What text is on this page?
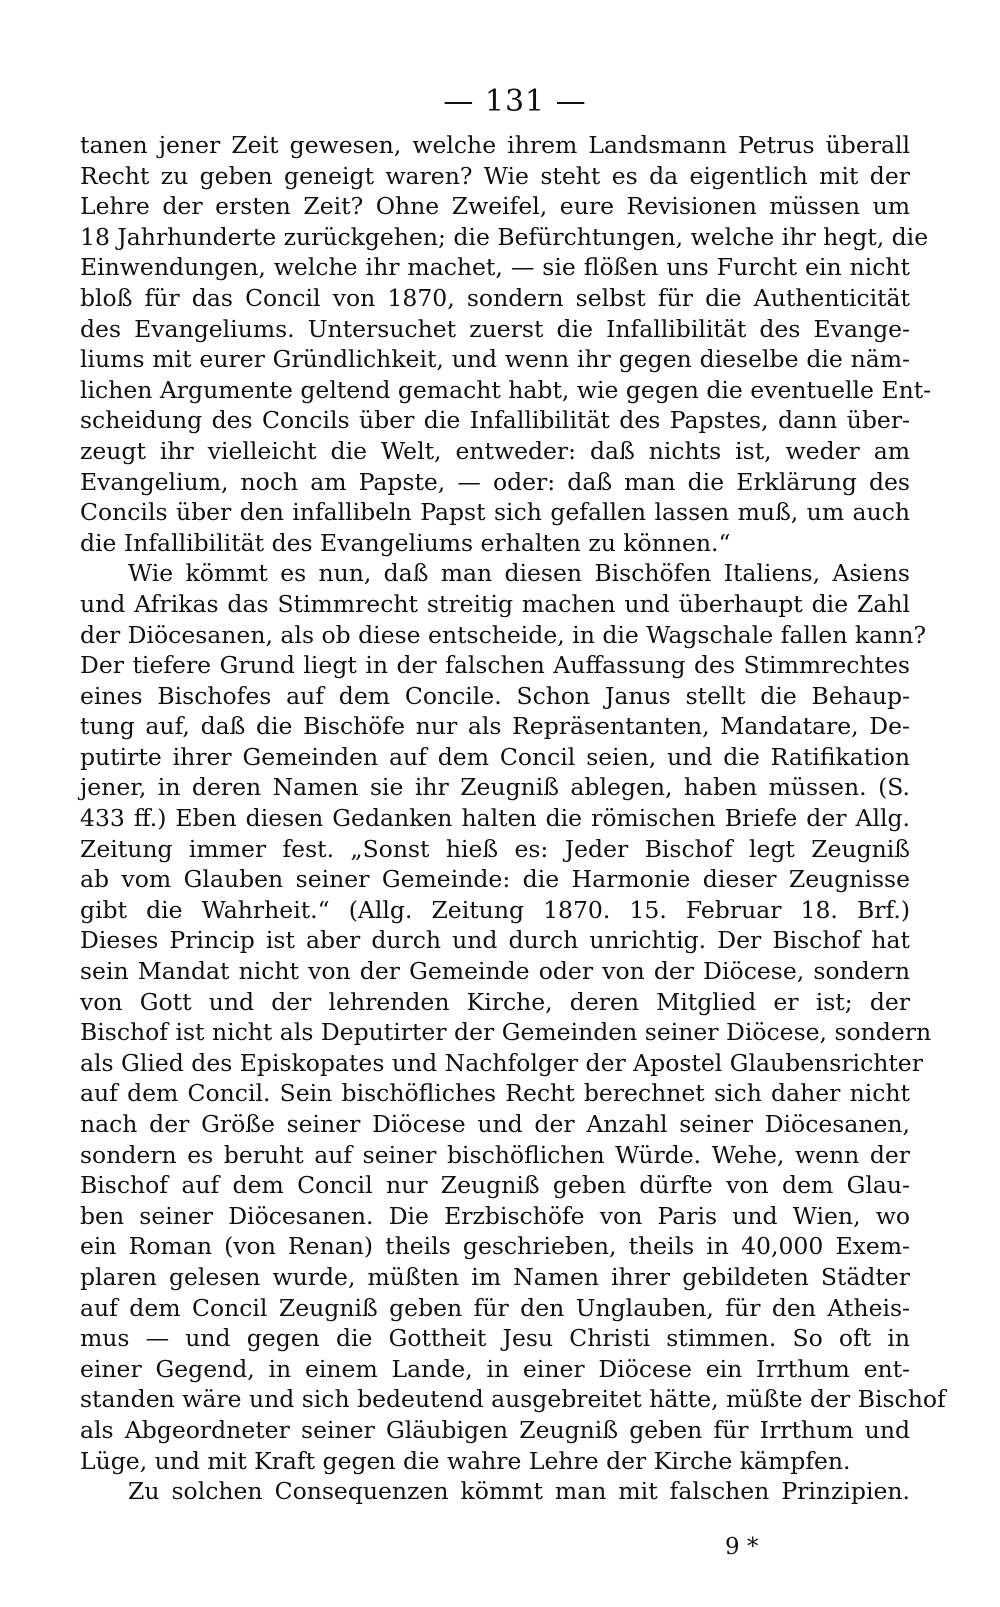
— 131 —
tanen jener Zeit gewesen, welche ihrem Landsmann Petrus überall
Recht zu geben geneigt waren? Wie steht es da eigentlich mit der
Lehre der ersten Zeit? Ohne Zweifel, eure Revisionen müssen um
18 Jahrhunderte zurückgehen; die Befürchtungen, welche ihr hegt, die
Einwendungen, welche ihr machet, — sie flößen uns Furcht ein nicht
bloß für das Concil von 1870, sondern selbst für die Authenticität
des Evangeliums. Untersuchet zuerst die Infallibilität des Evange-
liums mit eurer Gründlichkeit, und wenn ihr gegen dieselbe die näm-
lichen Argumente geltend gemacht habt, wie gegen die eventuelle Ent-
scheidung des Concils über die Infallibilität des Papstes, dann über-
zeugt ihr vielleicht die Welt, entweder: daß nichts ist, weder am
Evangelium, noch am Papste, — oder: daß man die Erklärung des
Concils über den infallibeln Papst sich gefallen lassen muß, um auch
die Infallibilität des Evangeliums erhalten zu können.“
Wie kömmt es nun, daß man diesen Bischöfen Italiens, Asiens
und Afrikas das Stimmrecht streitig machen und überhaupt die Zahl
der Diöcesanen, als ob diese entscheide, in die Wagschale fallen kann?
Der tiefere Grund liegt in der falschen Auffassung des Stimmrechtes
eines Bischofes auf dem Concile. Schon Janus stellt die Behaup-
tung auf, daß die Bischöfe nur als Repräsentanten, Mandatare, De-
putirte ihrer Gemeinden auf dem Concil seien, und die Ratifikation
jener, in deren Namen sie ihr Zeugniß ablegen, haben müssen. (S.
433 ff.) Eben diesen Gedanken halten die römischen Briefe der Allg.
Zeitung immer fest. „Sonst hieß es: Jeder Bischof legt Zeugniß
ab vom Glauben seiner Gemeinde: die Harmonie dieser Zeugnisse
gibt die Wahrheit.“ (Allg. Zeitung 1870. 15. Februar 18. Brf.)
Dieses Princip ist aber durch und durch unrichtig. Der Bischof hat
sein Mandat nicht von der Gemeinde oder von der Diöcese, sondern
von Gott und der lehrenden Kirche, deren Mitglied er ist; der
Bischof ist nicht als Deputirter der Gemeinden seiner Diöcese, sondern
als Glied des Episkopates und Nachfolger der Apostel Glaubensrichter
auf dem Concil. Sein bischöfliches Recht berechnet sich daher nicht
nach der Größe seiner Diöcese und der Anzahl seiner Diöcesanen,
sondern es beruht auf seiner bischöflichen Würde. Wehe, wenn der
Bischof auf dem Concil nur Zeugniß geben dürfte von dem Glau-
ben seiner Diöcesanen. Die Erzbischöfe von Paris und Wien, wo
ein Roman (von Renan) theils geschrieben, theils in 40,000 Exem-
plaren gelesen wurde, müßten im Namen ihrer gebildeten Städter
auf dem Concil Zeugniß geben für den Unglauben, für den Atheis-
mus — und gegen die Gottheit Jesu Christi stimmen. So oft in
einer Gegend, in einem Lande, in einer Diöcese ein Irrthum ent-
standen wäre und sich bedeutend ausgebreitet hätte, müßte der Bischof
als Abgeordneter seiner Gläubigen Zeugniß geben für Irrthum und
Lüge, und mit Kraft gegen die wahre Lehre der Kirche kämpfen.
Zu solchen Consequenzen kömmt man mit falschen Prinzipien.
9 *
